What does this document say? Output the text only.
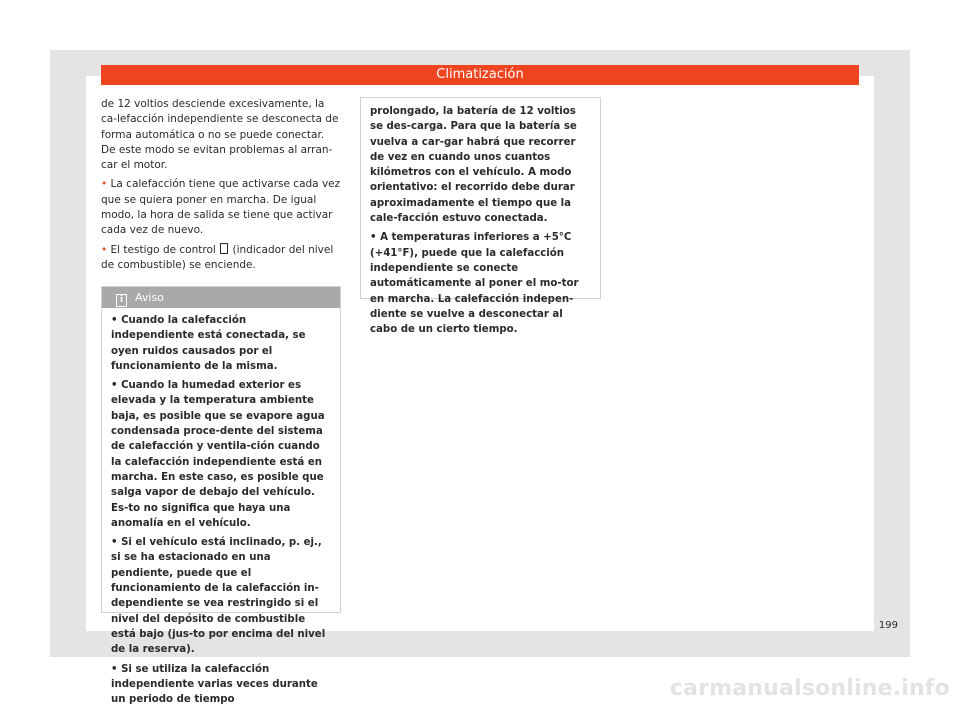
Climatización

de 12 voltios desciende excesivamente, la ca-lefacción independiente se desconecta de forma automática o no se puede conectar. De este modo se evitan problemas al arran-car el motor.

• La calefacción tiene que activarse cada vez que se quiera poner en marcha. De igual modo, la hora de salida se tiene que activar cada vez de nuevo.

• El testigo de control  (indicador del nivel de combustible) se enciende.

i Aviso

• Cuando la calefacción independiente está conectada, se oyen ruidos causados por el funcionamiento de la misma.

• Cuando la humedad exterior es elevada y la temperatura ambiente baja, es posible que se evapore agua condensada proce-dente del sistema de calefacción y ventila-ción cuando la calefacción independiente está en marcha. En este caso, es posible que salga vapor de debajo del vehículo. Es-to no significa que haya una anomalía en el vehículo.

• Si el vehículo está inclinado, p. ej., si se ha estacionado en una pendiente, puede que el funcionamiento de la calefacción in-dependiente se vea restringido si el nivel del depósito de combustible está bajo (jus-to por encima del nivel de la reserva).

• Si se utiliza la calefacción independiente varias veces durante un periodo de tiempo

prolongado, la batería de 12 voltios se des-carga. Para que la batería se vuelva a car-gar habrá que recorrer de vez en cuando unos cuantos kilómetros con el vehículo. A modo orientativo: el recorrido debe durar aproximadamente el tiempo que la cale-facción estuvo conectada.

• A temperaturas inferiores a +5°C (+41°F), puede que la calefacción independiente se conecte automáticamente al poner el mo-tor en marcha. La calefacción indepen-diente se vuelve a desconectar al cabo de un cierto tiempo.

199
carmanualsonline.info
